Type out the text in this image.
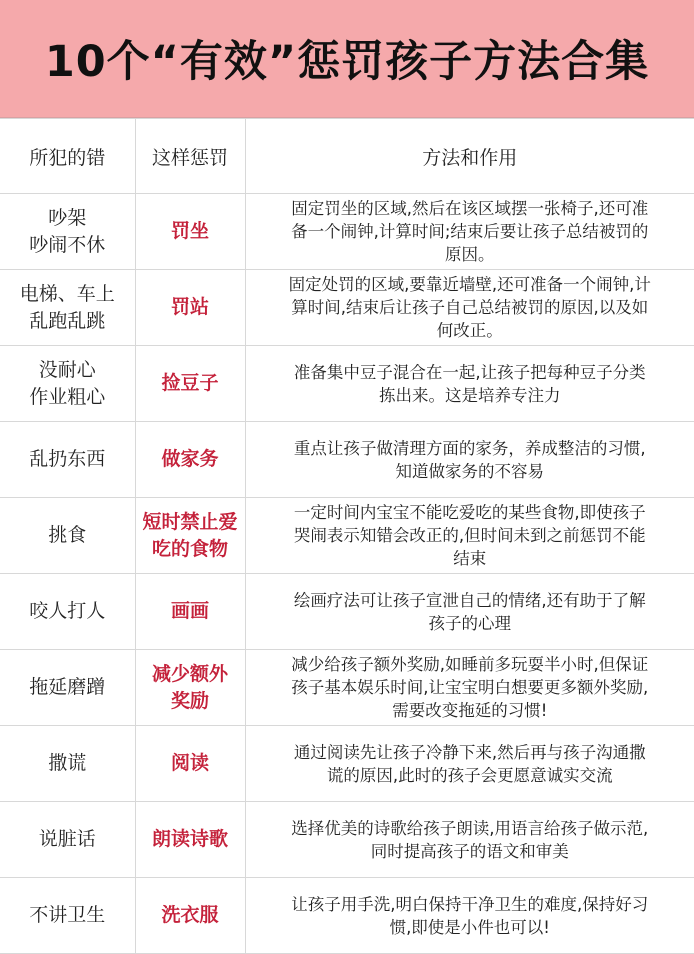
10个“有效”惩罚孩子方法合集
所犯的错	这样惩罚	方法和作用

吵架
吵闹不休	罚坐	固定罚坐的区域,然后在该区域摆一张椅子,还可准
备一个闹钟,计算时间;结束后要让孩子总结被罚的
原因。

电梯、车上
乱跑乱跳	罚站	固定处罚的区域,要靠近墙壁,还可准备一个闹钟,计
算时间,结束后让孩子自己总结被罚的原因,以及如
何改正。

没耐心
作业粗心	捡豆子	准备集中豆子混合在一起,让孩子把每种豆子分类
拣出来。这是培养专注力

乱扔东西	做家务	重点让孩子做清理方面的家务，养成整洁的习惯,
知道做家务的不容易

挑食	短时禁止爱
吃的食物	一定时间内宝宝不能吃爱吃的某些食物,即使孩子
哭闹表示知错会改正的,但时间未到之前惩罚不能
结束

咬人打人	画画	绘画疗法可让孩子宣泄自己的情绪,还有助于了解
孩子的心理

拖延磨蹭	减少额外
奖励	减少给孩子额外奖励,如睡前多玩耍半小时,但保证
孩子基本娱乐时间,让宝宝明白想要更多额外奖励,
需要改变拖延的习惯!

撒谎	阅读	通过阅读先让孩子冷静下来,然后再与孩子沟通撒
谎的原因,此时的孩子会更愿意诚实交流

说脏话	朗读诗歌	选择优美的诗歌给孩子朗读,用语言给孩子做示范,
同时提高孩子的语文和审美

不讲卫生	洗衣服	让孩子用手洗,明白保持干净卫生的难度,保持好习
惯,即使是小件也可以!
